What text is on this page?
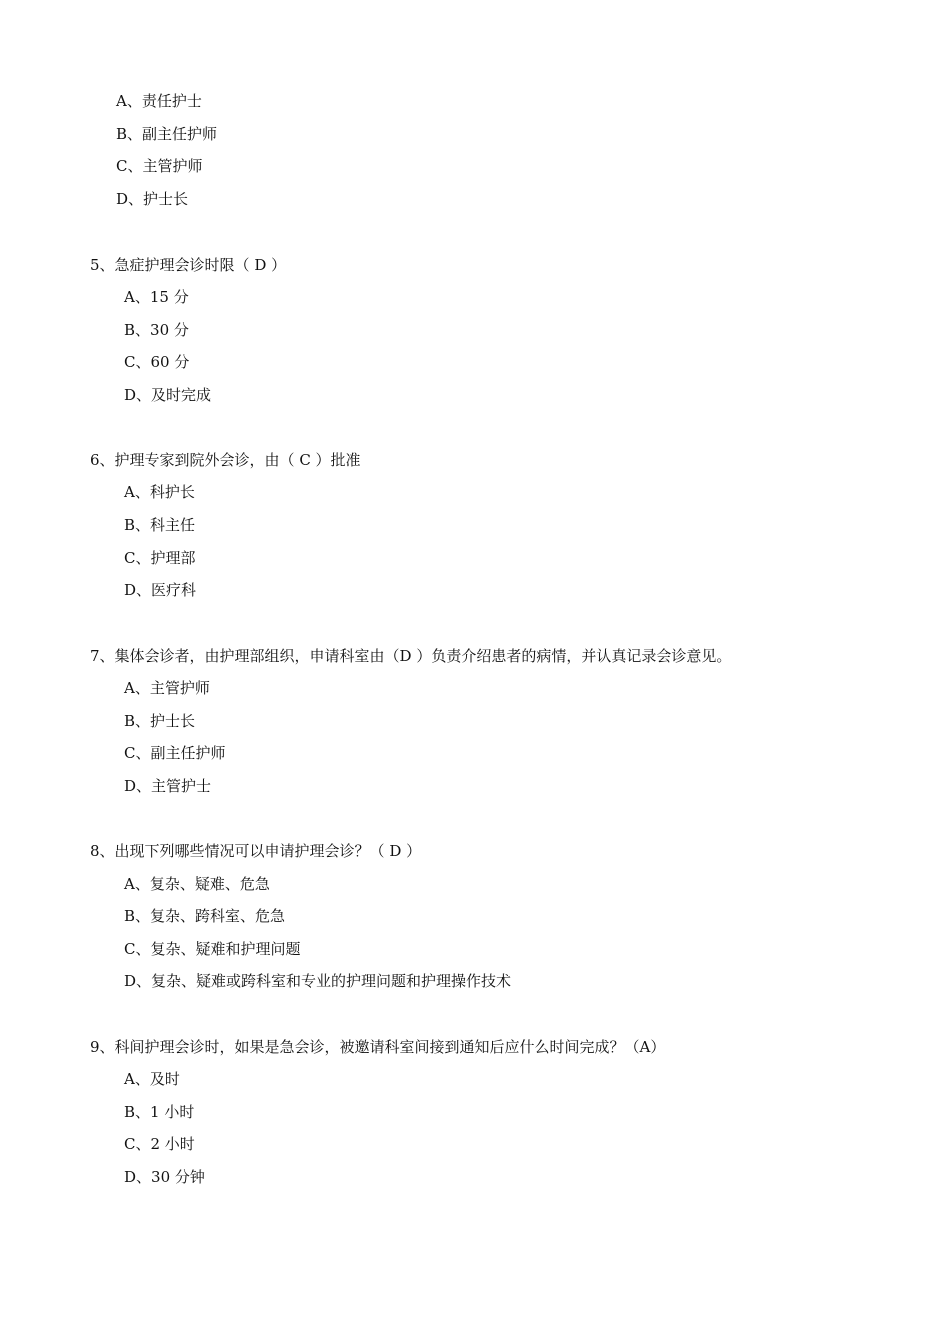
A、责任护士
B、副主任护师
C、主管护师
D、护士长
5、急症护理会诊时限（ D ）
A、15 分
B、30 分
C、60 分
D、及时完成
6、护理专家到院外会诊，由（ C ）批准
A、科护长
B、科主任
C、护理部
D、医疗科
7、集体会诊者，由护理部组织，申请科室由（D ）负责介绍患者的病情，并认真记录会诊意见。
A、主管护师
B、护士长
C、副主任护师
D、主管护士
8、出现下列哪些情况可以申请护理会诊？（ D ）
A、复杂、疑难、危急
B、复杂、跨科室、危急
C、复杂、疑难和护理问题
D、复杂、疑难或跨科室和专业的护理问题和护理操作技术
9、科间护理会诊时，如果是急会诊，被邀请科室间接到通知后应什么时间完成？（A）
A、及时
B、1 小时
C、2 小时
D、30 分钟
